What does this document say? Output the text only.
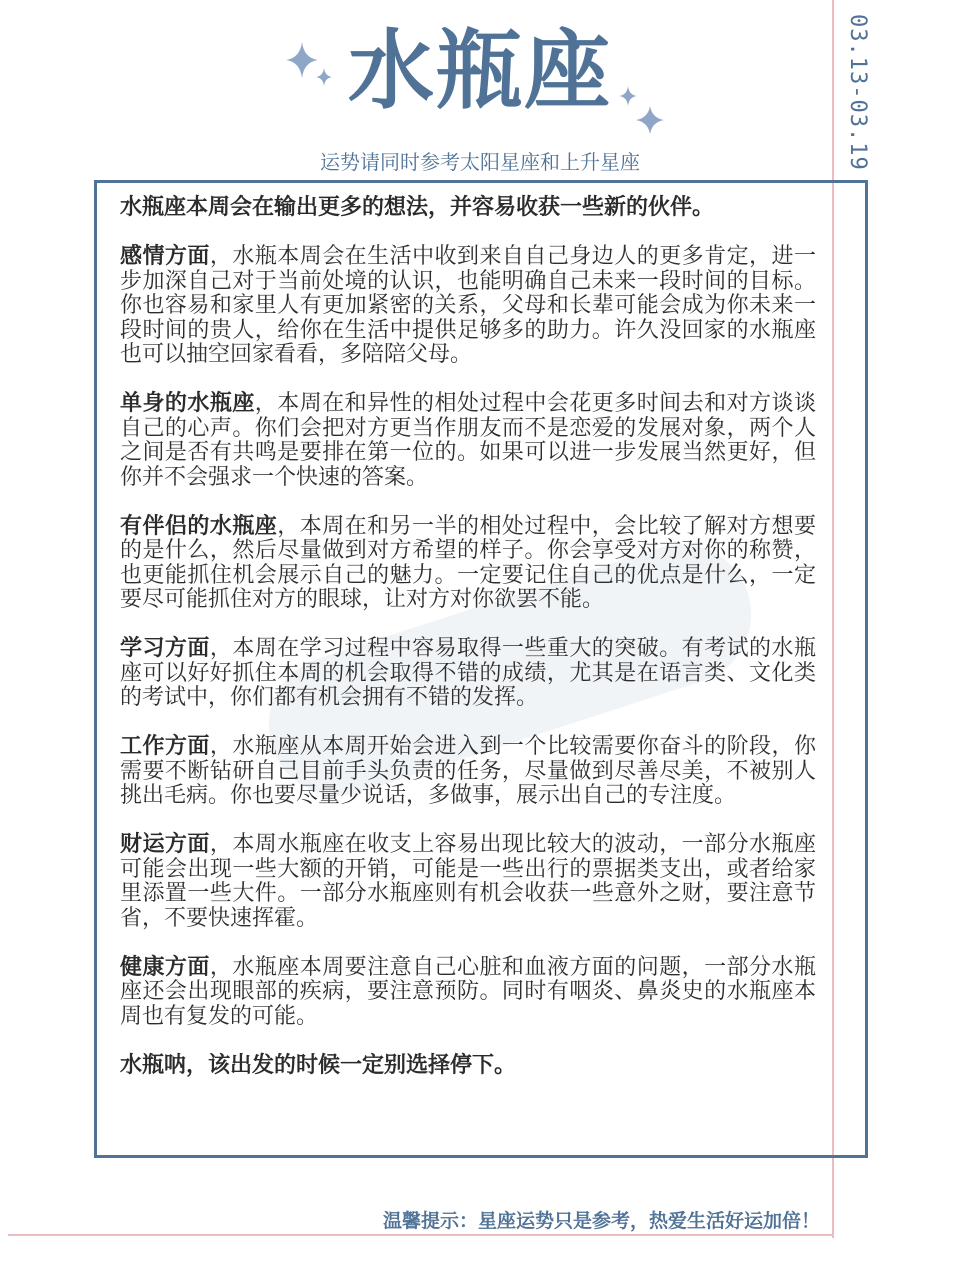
03.13-03.19
水瓶座
运势请同时参考太阳星座和上升星座

水瓶座本周会在输出更多的想法，并容易收获一些新的伙伴。

感情方面，水瓶本周会在生活中收到来自自己身边人的更多肯定，进一步加深自己对于当前处境的认识，也能明确自己未来一段时间的目标。你也容易和家里人有更加紧密的关系，父母和长辈可能会成为你未来一段时间的贵人，给你在生活中提供足够多的助力。许久没回家的水瓶座也可以抽空回家看看，多陪陪父母。

单身的水瓶座，本周在和异性的相处过程中会花更多时间去和对方谈谈自己的心声。你们会把对方更当作朋友而不是恋爱的发展对象，两个人之间是否有共鸣是要排在第一位的。如果可以进一步发展当然更好，但你并不会强求一个快速的答案。

有伴侣的水瓶座，本周在和另一半的相处过程中，会比较了解对方想要的是什么，然后尽量做到对方希望的样子。你会享受对方对你的称赞，也更能抓住机会展示自己的魅力。一定要记住自己的优点是什么，一定要尽可能抓住对方的眼球，让对方对你欲罢不能。

学习方面，本周在学习过程中容易取得一些重大的突破。有考试的水瓶座可以好好抓住本周的机会取得不错的成绩，尤其是在语言类、文化类的考试中，你们都有机会拥有不错的发挥。

工作方面，水瓶座从本周开始会进入到一个比较需要你奋斗的阶段，你需要不断钻研自己目前手头负责的任务，尽量做到尽善尽美，不被别人挑出毛病。你也要尽量少说话，多做事，展示出自己的专注度。

财运方面，本周水瓶座在收支上容易出现比较大的波动，一部分水瓶座可能会出现一些大额的开销，可能是一些出行的票据类支出，或者给家里添置一些大件。一部分水瓶座则有机会收获一些意外之财，要注意节省，不要快速挥霍。

健康方面，水瓶座本周要注意自己心脏和血液方面的问题，一部分水瓶座还会出现眼部的疾病，要注意预防。同时有咽炎、鼻炎史的水瓶座本周也有复发的可能。

水瓶呐，该出发的时候一定别选择停下。

温馨提示：星座运势只是参考，热爱生活好运加倍！
